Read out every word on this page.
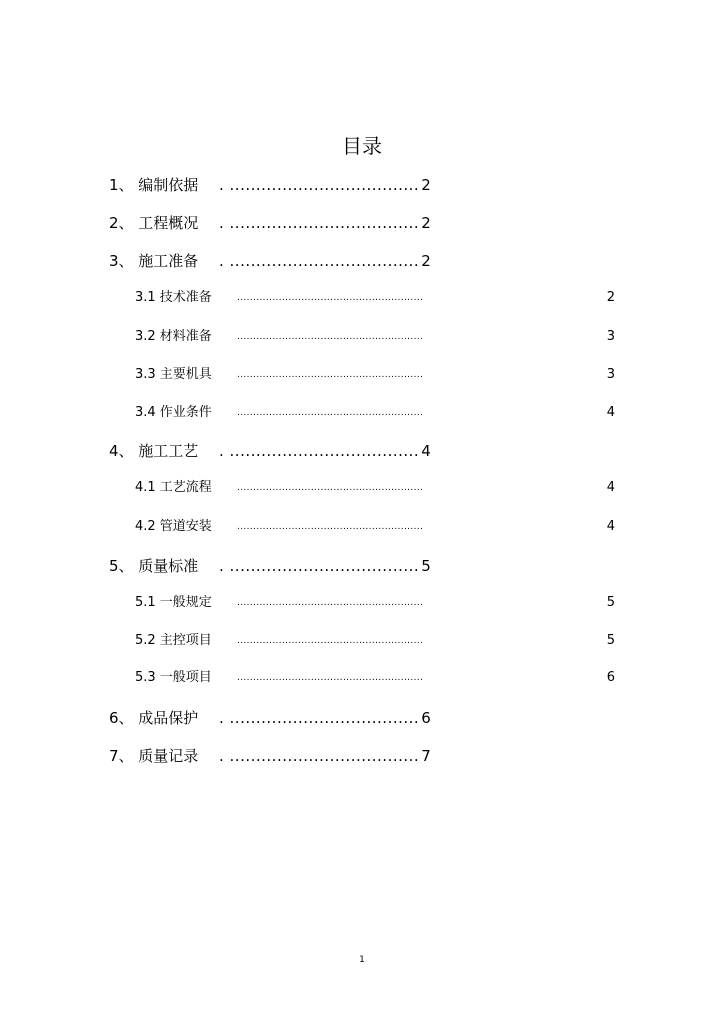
目录
1、 编制依据 . .................................... 2
2、 工程概况 . .................................... 2
3、 施工准备 . .................................... 2
3.1 技术准备	..........................................................	2
3.2 材料准备	..........................................................	3
3.3 主要机具	..........................................................	3
3.4 作业条件	..........................................................	4
4、 施工工艺 . .................................... 4
4.1 工艺流程	..........................................................	4
4.2 管道安装	..........................................................	4
5、 质量标准 . .................................... 5
5.1 一般规定	..........................................................	5
5.2 主控项目	..........................................................	5
5.3 一般项目	..........................................................	6
6、 成品保护 . .................................... 6
7、 质量记录 . .................................... 7
1
